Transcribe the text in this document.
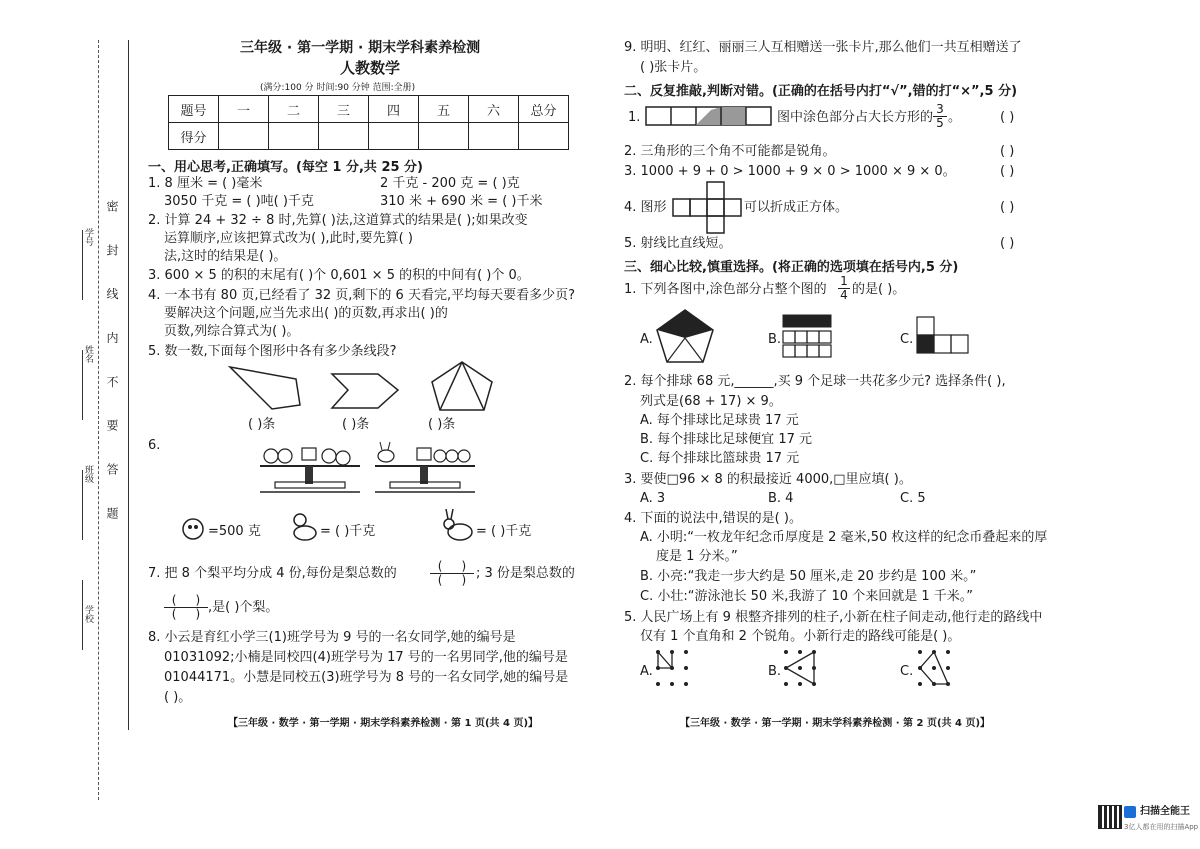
密 封 线 内 不 要 答 题
学号
姓名
班级
学校
三年级 · 第一学期 · 期末学科素养检测
人教数学
(满分:100 分 时间:90 分钟 范围:全册)
题号	一	二	三	四	五	六	总分
得分							
一、用心思考,正确填写。(每空 1 分,共 25 分)
1. 8 厘米 = ( )毫米	2 千克 - 200 克 = ( )克
3050 千克 = ( )吨( )千克	310 米 + 690 米 = ( )千米
2. 计算 24 + 32 ÷ 8 时,先算( )法,这道算式的结果是( );如果改变
运算顺序,应该把算式改为( ),此时,要先算( )
法,这时的结果是( )。
3. 600 × 5 的积的末尾有( )个 0,601 × 5 的积的中间有( )个 0。
4. 一本书有 80 页,已经看了 32 页,剩下的 6 天看完,平均每天要看多少页?
要解决这个问题,应当先求出( )的页数,再求出( )的
页数,列综合算式为( )。
5. 数一数,下面每个图形中各有多少条线段?
( )条	( )条	( )条
6.
=500 克	= ( )千克	= ( )千克
7. 把 8 个梨平均分成 4 份,每份是梨总数的	(     )
(     ) ; 3 份是梨总数的
(     )
(     ) ,是( )个梨。
8. 小云是育红小学三(1)班学号为 9 号的一名女同学,她的编号是
01031092;小楠是同校四(4)班学号为 17 号的一名男同学,他的编号是
01044171。小慧是同校五(3)班学号为 8 号的一名女同学,她的编号是
( )。
【三年级 · 数学 · 第一学期 · 期末学科素养检测 · 第 1 页(共 4 页)】
9. 明明、红红、丽丽三人互相赠送一张卡片,那么他们一共互相赠送了
( )张卡片。
二、反复推敲,判断对错。(正确的在括号内打“√”,错的打“×”,5 分)
1.	图中涂色部分占大长方形的 $\frac{3}{5}$ 。	( )
2. 三角形的三个角不可能都是锐角。	( )
3. 1000 + 9 + 0 > 1000 + 9 × 0 > 1000 × 9 × 0。	( )
4. 图形	可以折成正方体。	( )
5. 射线比直线短。	( )
三、细心比较,慎重选择。(将正确的选项填在括号内,5 分)
1. 下列各图中,涂色部分占整个图的 $\frac{1}{4}$ 的是( )。
A.	B.	C.
2. 每个排球 68 元,______,买 9 个足球一共花多少元? 选择条件( ),
列式是(68 + 17) × 9。
A. 每个排球比足球贵 17 元
B. 每个排球比足球便宜 17 元
C. 每个排球比篮球贵 17 元
3. 要使□96 × 8 的积最接近 4000,□里应填( )。
A. 3	B. 4	C. 5
4. 下面的说法中,错误的是( )。
A. 小明:“一枚龙年纪念币厚度是 2 毫米,50 枚这样的纪念币叠起来的厚
度是 1 分米。”
B. 小亮:“我走一步大约是 50 厘米,走 20 步约是 100 米。”
C. 小壮:“游泳池长 50 米,我游了 10 个来回就是 1 千米。”
5. 人民广场上有 9 根整齐排列的柱子,小新在柱子间走动,他行走的路线中
仅有 1 个直角和 2 个锐角。小新行走的路线可能是( )。
A.	B.	C.
【三年级 · 数学 · 第一学期 · 期末学科素养检测 · 第 2 页(共 4 页)】
扫描全能王
3亿人都在用的扫描App
